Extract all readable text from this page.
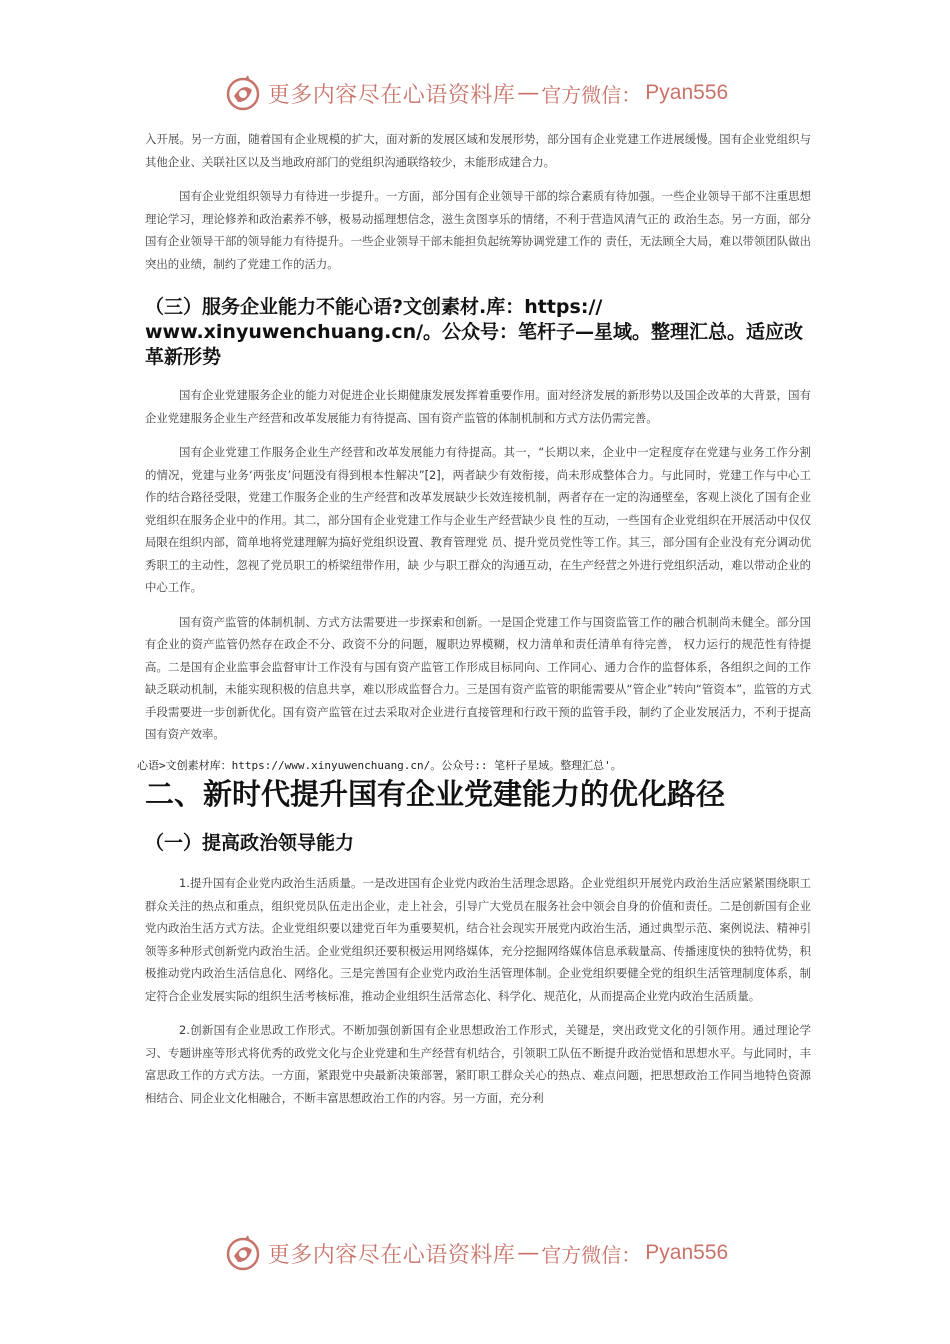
更多内容尽在心语资料库 — 官方微信： Pyan556

入开展。另一方面，随着国有企业规模的扩大，面对新的发展区域和发展形势，部分国有企业党建工作进展缓慢。国有企业党组织与其他企业、关联社区以及当地政府部门的党组织沟通联络较少，未能形成建合力。

国有企业党组织领导力有待进一步提升。一方面，部分国有企业领导干部的综合素质有待加强。一些企业领导干部不注重思想理论学习，理论修养和政治素养不够，极易动摇理想信念，滋生贪图享乐的情绪，不利于营造风清气正的 政治生态。另一方面，部分国有企业领导干部的领导能力有待提升。一些企业领导干部未能担负起统筹协调党建工作的 责任，无法顾全大局，难以带领团队做出突出的业绩，制约了党建工作的活力。

（三）服务企业能力不能心语?文创素材.库：https:// www.xinyuwenchuang.cn/。公众号：笔杆子—星域。整理汇总。适应改革新形势

国有企业党建服务企业的能力对促进企业长期健康发展发挥着重要作用。面对经济发展的新形势以及国企改革的大背景，国有企业党建服务企业生产经营和改革发展能力有待提高、国有资产监管的体制机制和方式方法仍需完善。

国有企业党建工作服务企业生产经营和改革发展能力有待提高。其一，“长期以来，企业中一定程度存在党建与业务工作分割的情况，党建与业务‘两张皮’问题没有得到根本性解决”[2]，两者缺少有效衔接，尚未形成整体合力。与此同时，党建工作与中心工作的结合路径受限，党建工作服务企业的生产经营和改革发展缺少长效连接机制，两者存在一定的沟通壁垒，客观上淡化了国有企业党组织在服务企业中的作用。其二，部分国有企业党建工作与企业生产经营缺少良 性的互动，一些国有企业党组织在开展活动中仅仅局限在组织内部，简单地将党建理解为搞好党组织设置、教育管理党 员、提升党员党性等工作。其三，部分国有企业没有充分调动优秀职工的主动性，忽视了党员职工的桥梁纽带作用，缺 少与职工群众的沟通互动，在生产经营之外进行党组织活动，难以带动企业的中心工作。

国有资产监管的体制机制、方式方法需要进一步探索和创新。一是国企党建工作与国资监管工作的融合机制尚未健全。部分国有企业的资产监管仍然存在政企不分、政资不分的问题，履职边界模糊，权力清单和责任清单有待完善， 权力运行的规范性有待提高。二是国有企业监事会监督审计工作没有与国有资产监管工作形成目标同向、工作同心、通力合作的监督体系，各组织之间的工作缺乏联动机制，未能实现积极的信息共享，难以形成监督合力。三是国有资产监管的职能需要从“管企业”转向“管资本”，监管的方式手段需要进一步创新优化。国有资产监管在过去采取对企业进行直接管理和行政干预的监管手段，制约了企业发展活力，不利于提高国有资产效率。

心语>文创素材库：https://www.xinyuwenchuang.cn/。公众号:: 笔杆子星域。整理汇总'。
二、新时代提升国有企业党建能力的优化路径
（一）提高政治领导能力

1.提升国有企业党内政治生活质量。一是改进国有企业党内政治生活理念思路。企业党组织开展党内政治生活应紧紧围绕职工群众关注的热点和重点，组织党员队伍走出企业，走上社会，引导广大党员在服务社会中领会自身的价值和责任。二是创新国有企业党内政治生活方式方法。企业党组织要以建党百年为重要契机，结合社会现实开展党内政治生活，通过典型示范、案例说法、精神引领等多种形式创新党内政治生活。企业党组织还要积极运用网络媒体，充分挖掘网络媒体信息承载量高、传播速度快的独特优势，积极推动党内政治生活信息化、网络化。三是完善国有企业党内政治生活管理体制。企业党组织要健全党的组织生活管理制度体系，制定符合企业发展实际的组织生活考核标准，推动企业组织生活常态化、科学化、规范化，从而提高企业党内政治生活质量。

2.创新国有企业思政工作形式。不断加强创新国有企业思想政治工作形式，关键是，突出政党文化的引领作用。通过理论学习、专题讲座等形式将优秀的政党文化与企业党建和生产经营有机结合，引领职工队伍不断提升政治觉悟和思想水平。与此同时，丰富思政工作的方式方法。一方面，紧跟党中央最新决策部署，紧盯职工群众关心的热点、难点问题，把思想政治工作同当地特色资源相结合、同企业文化相融合，不断丰富思想政治工作的内容。另一方面，充分利

更多内容尽在心语资料库 — 官方微信： Pyan556
